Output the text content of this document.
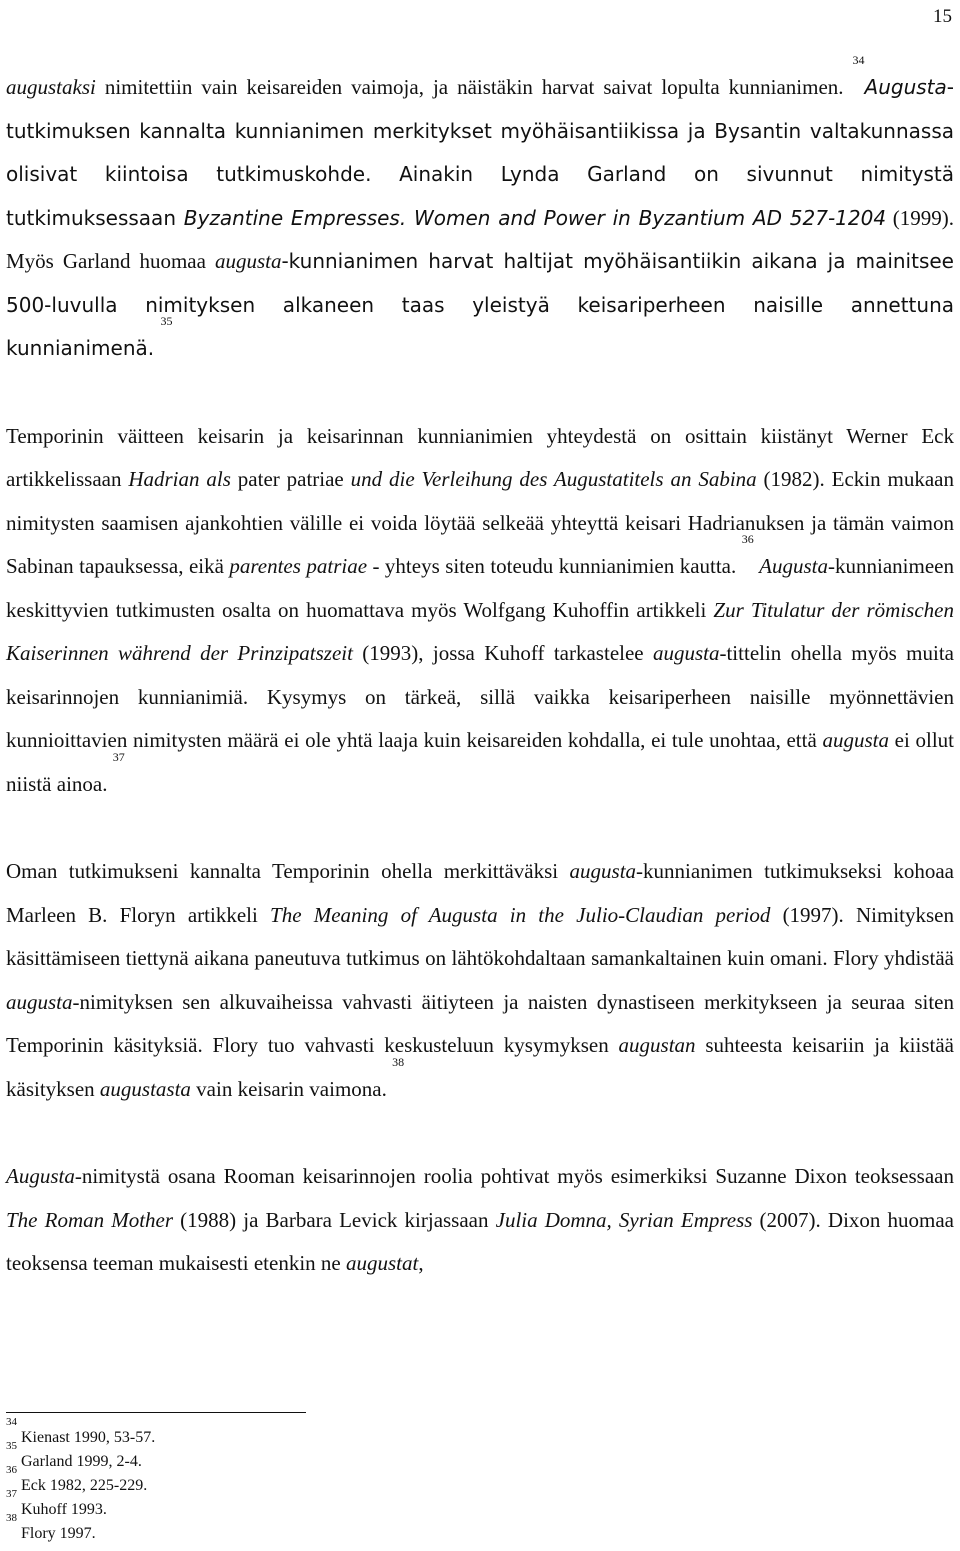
15

augustaksi nimitettiin vain keisareiden vaimoja, ja näistäkin harvat saivat lopulta kunnianimen. $^{34}$Augusta-tutkimuksen kannalta kunnianimen merkitykset myöhäisantiikissa ja Bysantin valtakunnassa olisivat kiintoisa tutkimuskohde. Ainakin Lynda Garland on sivunnut nimitystä tutkimuksessaan Byzantine Empresses. Women and Power in Byzantium AD 527-1204 (1999). Myös Garland huomaa augusta-kunnianimen harvat haltijat myöhäisantiikin aikana ja mainitsee 500-luvulla nimityksen alkaneen taas yleistyä keisariperheen naisille annettuna kunnianimenä. $^{35}$

Temporinin väitteen keisarin ja keisarinnan kunnianimien yhteydestä on osittain kiistänyt Werner Eck artikkelissaan Hadrian als pater patriae und die Verleihung des Augustatitels an Sabina (1982). Eckin mukaan nimitysten saamisen ajankohtien välille ei voida löytää selkeää yhteyttä keisari Hadrianuksen ja tämän vaimon Sabinan tapauksessa, eikä parentes patriae - yhteys siten toteudu kunnianimien kautta. $^{36}$ Augusta-kunnianimeen keskittyvien tutkimusten osalta on huomattava myös Wolfgang Kuhoffin artikkeli Zur Titulatur der römischen Kaiserinnen während der Prinzipatszeit (1993), jossa Kuhoff tarkastelee augusta-tittelin ohella myös muita keisarinnojen kunnianimiä. Kysymys on tärkeä, sillä vaikka keisariperheen naisille myönnettävien kunnioittavien nimitysten määrä ei ole yhtä laaja kuin keisareiden kohdalla, ei tule unohtaa, että augusta ei ollut niistä ainoa. $^{37}$

Oman tutkimukseni kannalta Temporinin ohella merkittäväksi augusta-kunnianimen tutkimukseksi kohoaa Marleen B. Floryn artikkeli The Meaning of Augusta in the Julio-Claudian period (1997). Nimityksen käsittämiseen tiettynä aikana paneutuva tutkimus on lähtökohdaltaan samankaltainen kuin omani. Flory yhdistää augusta-nimityksen sen alkuvaiheissa vahvasti äitiyteen ja naisten dynastiseen merkitykseen ja seuraa siten Temporinin käsityksiä. Flory tuo vahvasti keskusteluun kysymyksen augustan suhteesta keisariin ja kiistää käsityksen augustasta vain keisarin vaimona. $^{38}$

Augusta-nimitystä osana Rooman keisarinnojen roolia pohtivat myös esimerkiksi Suzanne Dixon teoksessaan The Roman Mother (1988) ja Barbara Levick kirjassaan Julia Domna, Syrian Empress (2007). Dixon huomaa teoksensa teeman mukaisesti etenkin ne augustat,

$^{34}$ Kienast 1990, 53-57.
$^{35}$ Garland 1999, 2-4.
$^{36}$ Eck 1982, 225-229.
$^{37}$ Kuhoff 1993.
$^{38}$ Flory 1997.
